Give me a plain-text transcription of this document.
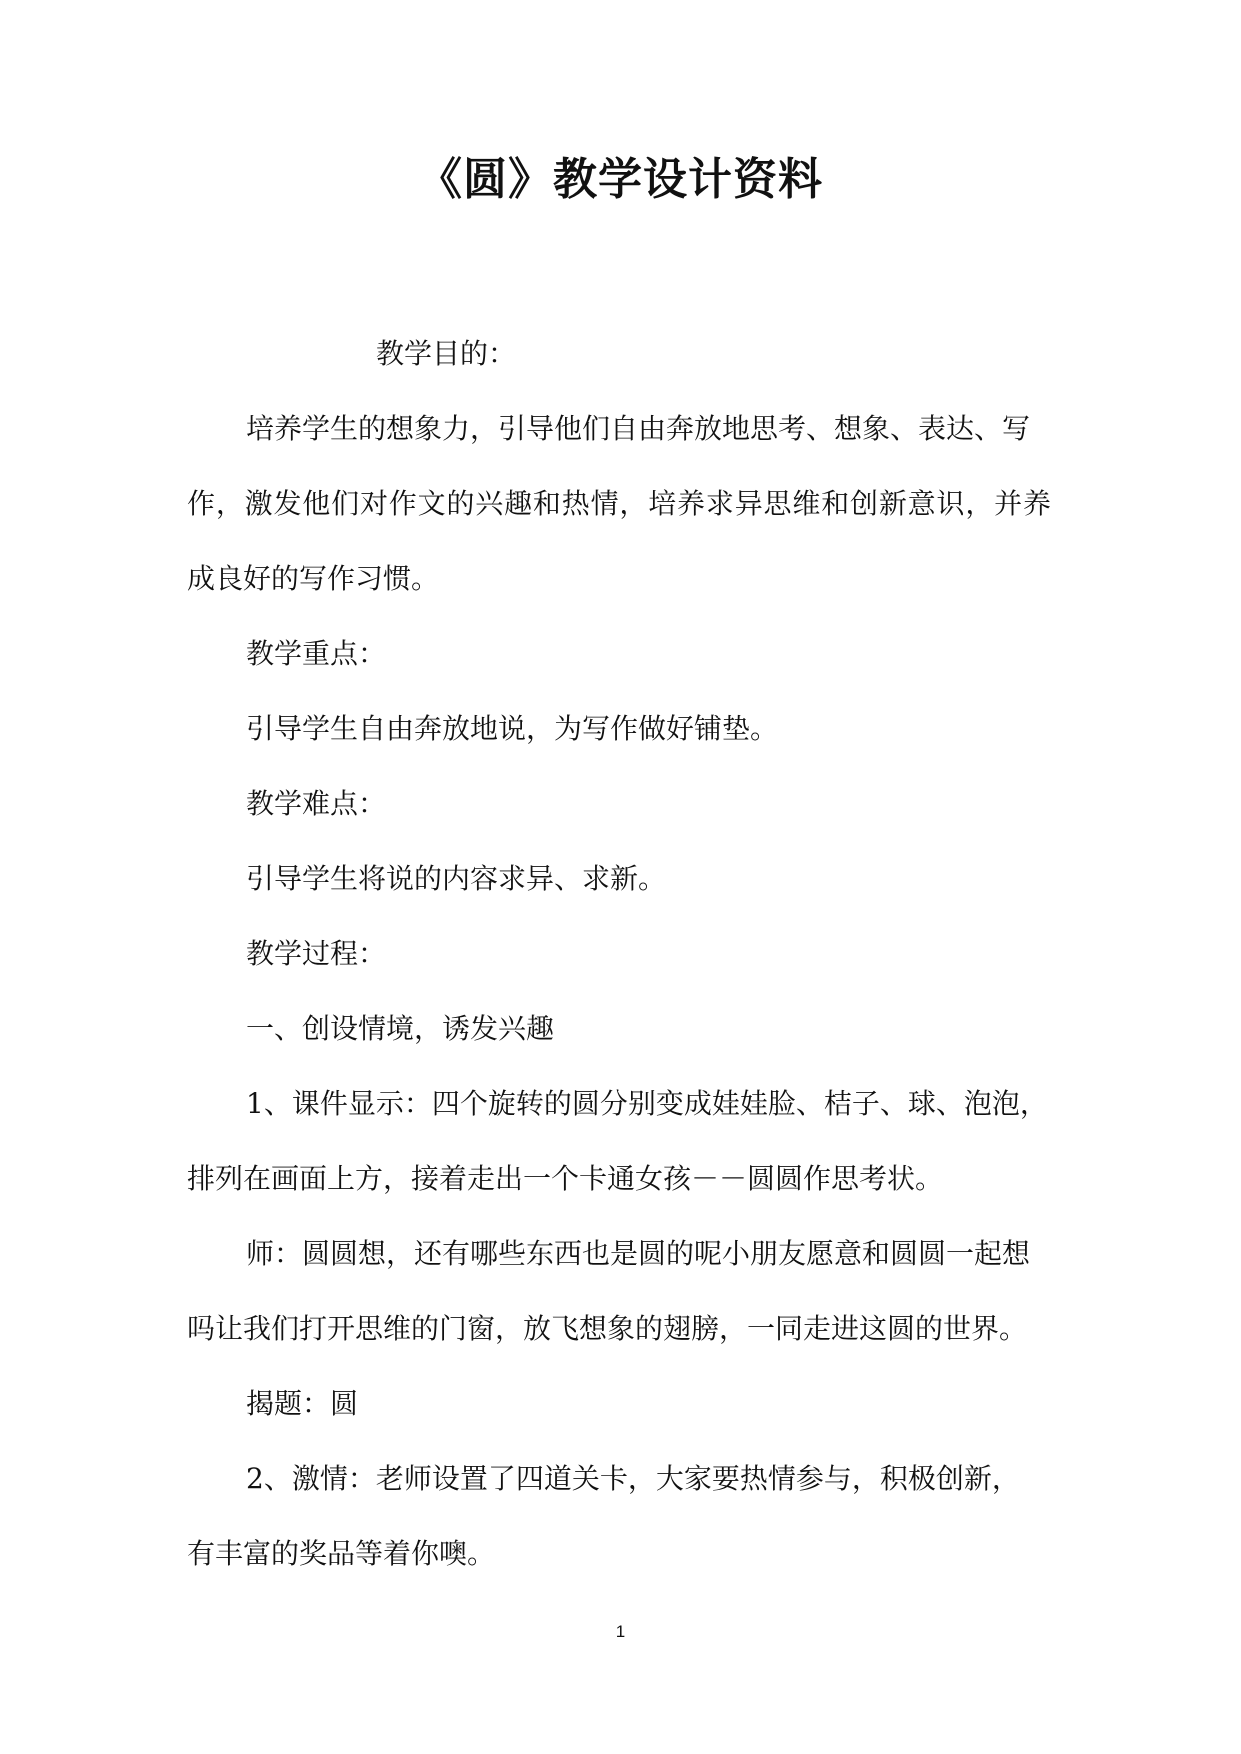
《圆》教学设计资料
教学目的：
培养学生的想象力，引导他们自由奔放地思考、想象、表达、写
作，激发他们对作文的兴趣和热情，培养求异思维和创新意识，并养
成良好的写作习惯。
教学重点：
引导学生自由奔放地说，为写作做好铺垫。
教学难点：
引导学生将说的内容求异、求新。
教学过程：
一、创设情境，诱发兴趣
1、课件显示：四个旋转的圆分别变成娃娃脸、桔子、球、泡泡，
排列在画面上方，接着走出一个卡通女孩－－圆圆作思考状。
师：圆圆想，还有哪些东西也是圆的呢小朋友愿意和圆圆一起想
吗让我们打开思维的门窗，放飞想象的翅膀，一同走进这圆的世界。
揭题：圆
2、激情：老师设置了四道关卡，大家要热情参与，积极创新，
有丰富的奖品等着你噢。
1
